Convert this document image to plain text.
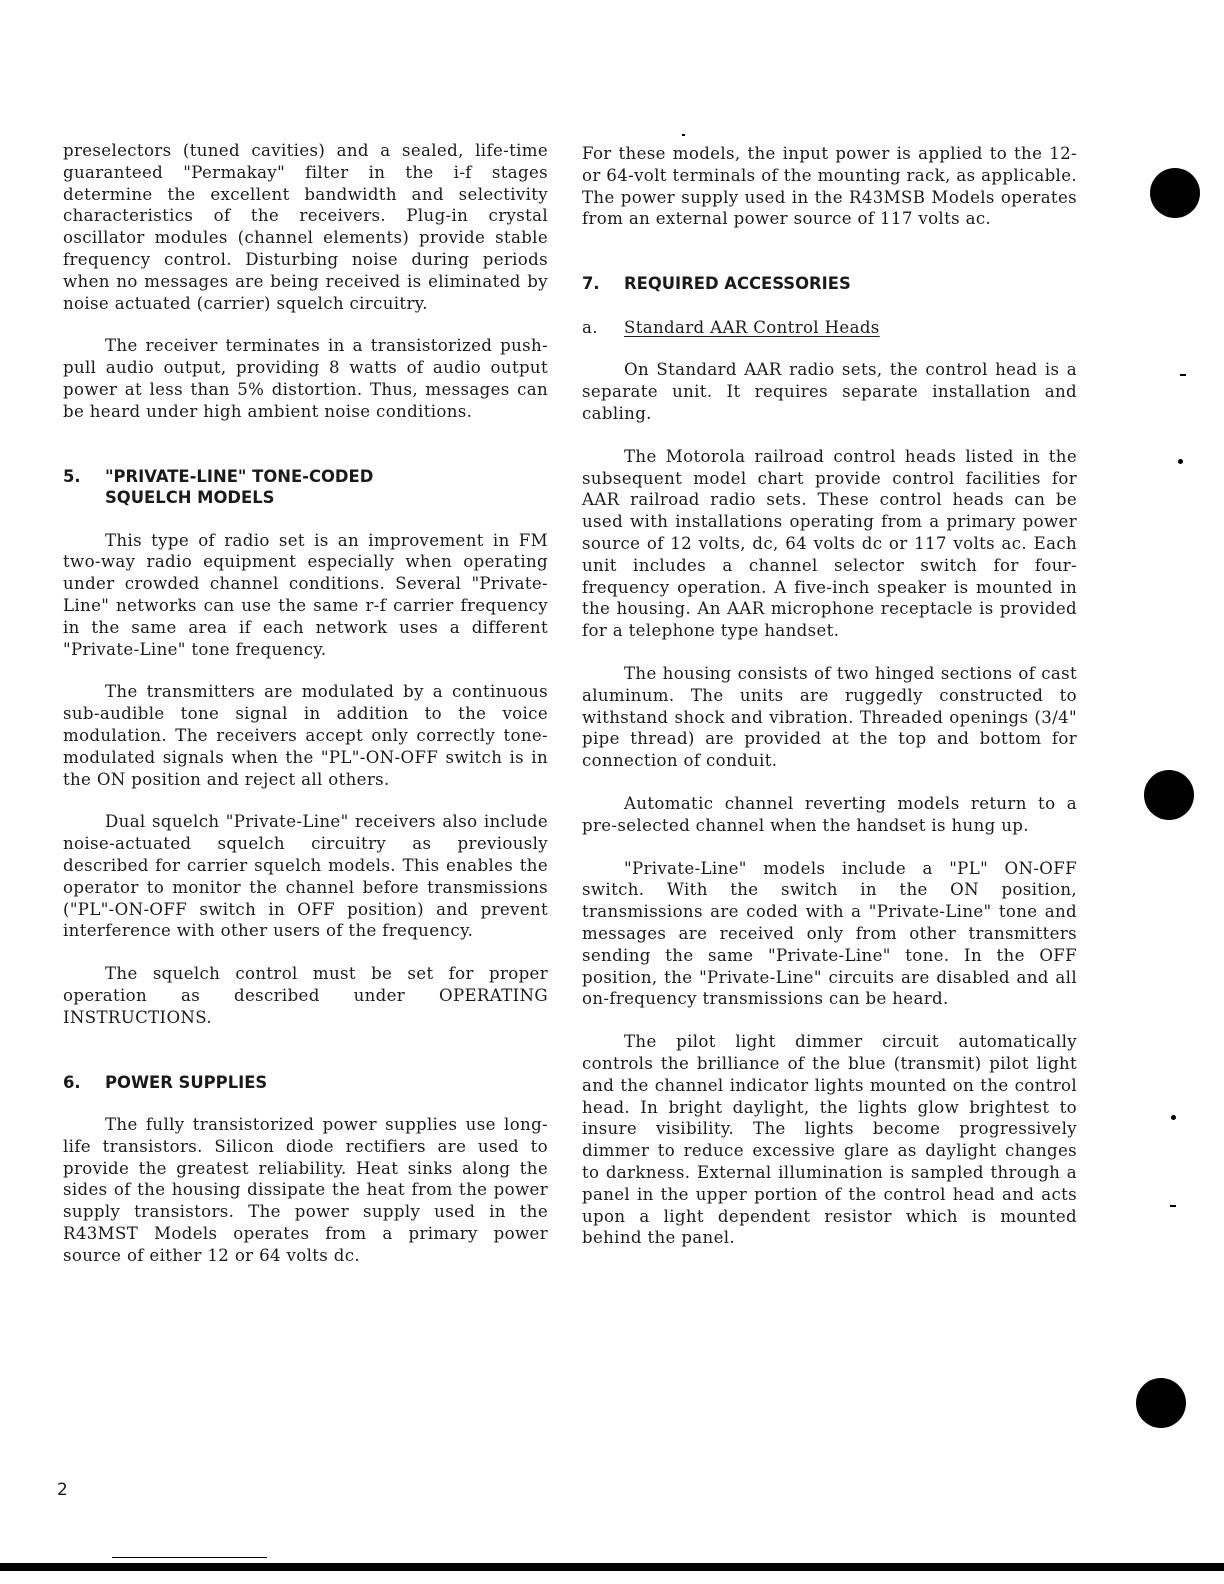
preselectors (tuned cavities) and a sealed, life-time guaranteed "Permakay" filter in the i-f stages determine the excellent bandwidth and selectivity characteristics of the receivers. Plug-in crystal oscillator modules (channel elements) provide stable frequency control. Disturbing noise during periods when no messages are being received is eliminated by noise actuated (carrier) squelch circuitry.

The receiver terminates in a transistorized push-pull audio output, providing 8 watts of audio output power at less than 5% distortion. Thus, messages can be heard under high ambient noise conditions.

5.	"PRIVATE-LINE" TONE-CODED
SQUELCH MODELS

This type of radio set is an improvement in FM two-way radio equipment especially when operating under crowded channel conditions. Several "Private-Line" networks can use the same r-f carrier frequency in the same area if each network uses a different "Private-Line" tone frequency.

The transmitters are modulated by a continuous sub-audible tone signal in addition to the voice modulation. The receivers accept only correctly tone-modulated signals when the "PL"-ON-OFF switch is in the ON position and reject all others.

Dual squelch "Private-Line" receivers also include noise-actuated squelch circuitry as previously described for carrier squelch models. This enables the operator to monitor the channel before transmissions ("PL"-ON-OFF switch in OFF position) and prevent interference with other users of the frequency.

The squelch control must be set for proper operation as described under OPERATING INSTRUCTIONS.

6.	POWER SUPPLIES

The fully transistorized power supplies use long-life transistors. Silicon diode rectifiers are used to provide the greatest reliability. Heat sinks along the sides of the housing dissipate the heat from the power supply transistors. The power supply used in the R43MST Models operates from a primary power source of either 12 or 64 volts dc.

For these models, the input power is applied to the 12- or 64-volt terminals of the mounting rack, as applicable. The power supply used in the R43MSB Models operates from an external power source of 117 volts ac.

7.	REQUIRED ACCESSORIES
a.	Standard AAR Control Heads

On Standard AAR radio sets, the control head is a separate unit. It requires separate installation and cabling.

The Motorola railroad control heads listed in the subsequent model chart provide control facilities for AAR railroad radio sets. These control heads can be used with installations operating from a primary power source of 12 volts, dc, 64 volts dc or 117 volts ac. Each unit includes a channel selector switch for four-frequency operation. A five-inch speaker is mounted in the housing. An AAR microphone receptacle is provided for a telephone type handset.

The housing consists of two hinged sections of cast aluminum. The units are ruggedly constructed to withstand shock and vibration. Threaded openings (3/4" pipe thread) are provided at the top and bottom for connection of conduit.

Automatic channel reverting models return to a pre-selected channel when the handset is hung up.

"Private-Line" models include a "PL" ON-OFF switch. With the switch in the ON position, transmissions are coded with a "Private-Line" tone and messages are received only from other transmitters sending the same "Private-Line" tone. In the OFF position, the "Private-Line" circuits are disabled and all on-frequency transmissions can be heard.

The pilot light dimmer circuit automatically controls the brilliance of the blue (transmit) pilot light and the channel indicator lights mounted on the control head. In bright daylight, the lights glow brightest to insure visibility. The lights become progressively dimmer to reduce excessive glare as daylight changes to darkness. External illumination is sampled through a panel in the upper portion of the control head and acts upon a light dependent resistor which is mounted behind the panel.

2
